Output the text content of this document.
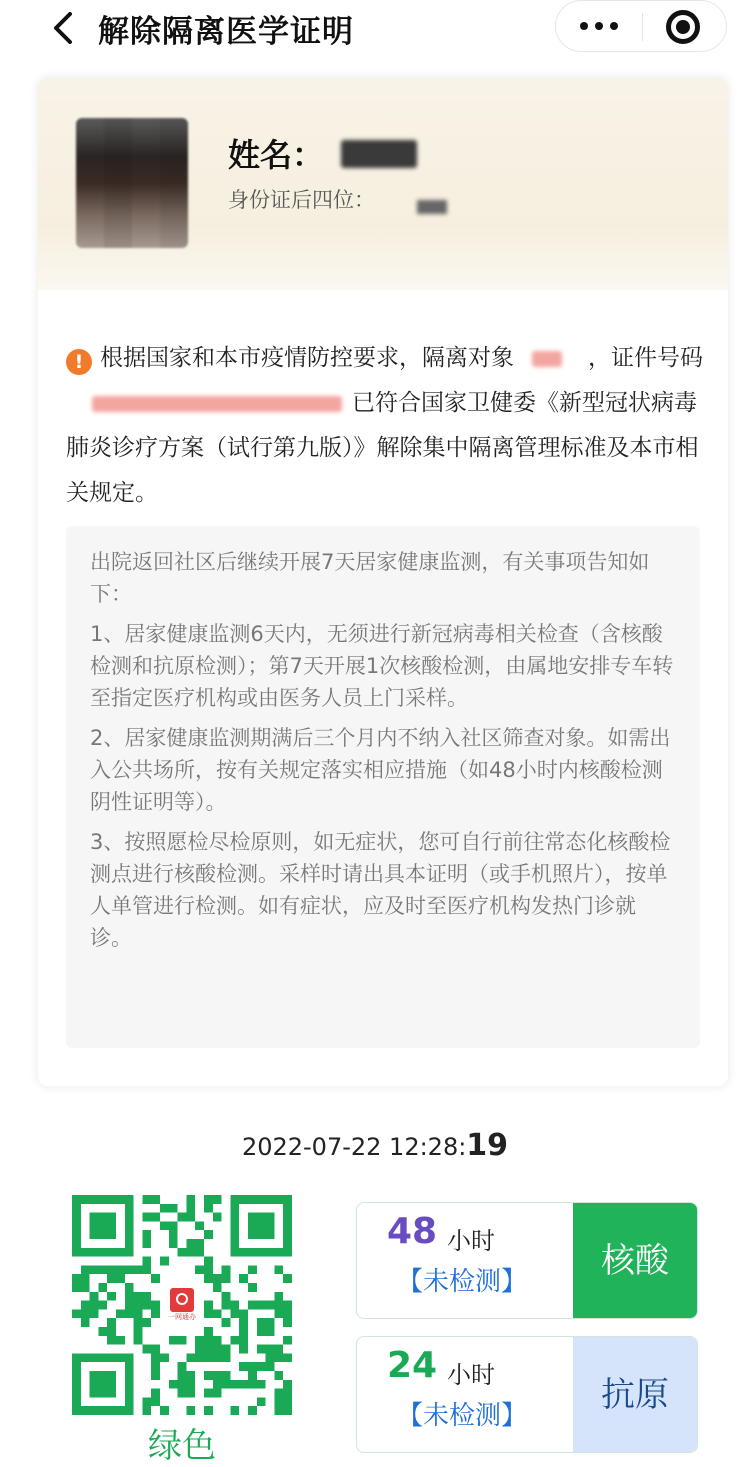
解除隔离医学证明
姓名：
身份证后四位：
! 根据国家和本市疫情防控要求，隔离对象	，证件号码已符合国家卫健委《新型冠状病毒肺炎诊疗方案（试行第九版）》解除集中隔离管理标准及本市相关规定。

出院返回社区后继续开展7天居家健康监测，有关事项告知如下：

1、居家健康监测6天内，无须进行新冠病毒相关检查（含核酸检测和抗原检测）；第7天开展1次核酸检测，由属地安排专车转至指定医疗机构或由医务人员上门采样。

2、居家健康监测期满后三个月内不纳入社区筛查对象。如需出入公共场所，按有关规定落实相应措施（如48小时内核酸检测阴性证明等）。

3、按照愿检尽检原则，如无症状，您可自行前往常态化核酸检测点进行核酸检测。采样时请出具本证明（或手机照片），按单人单管进行检测。如有症状，应及时至医疗机构发热门诊就诊。

2022-07-22 12:28:19
一网通办
绿色
48 小时
【未检测】
核酸
24 小时
【未检测】
抗原
